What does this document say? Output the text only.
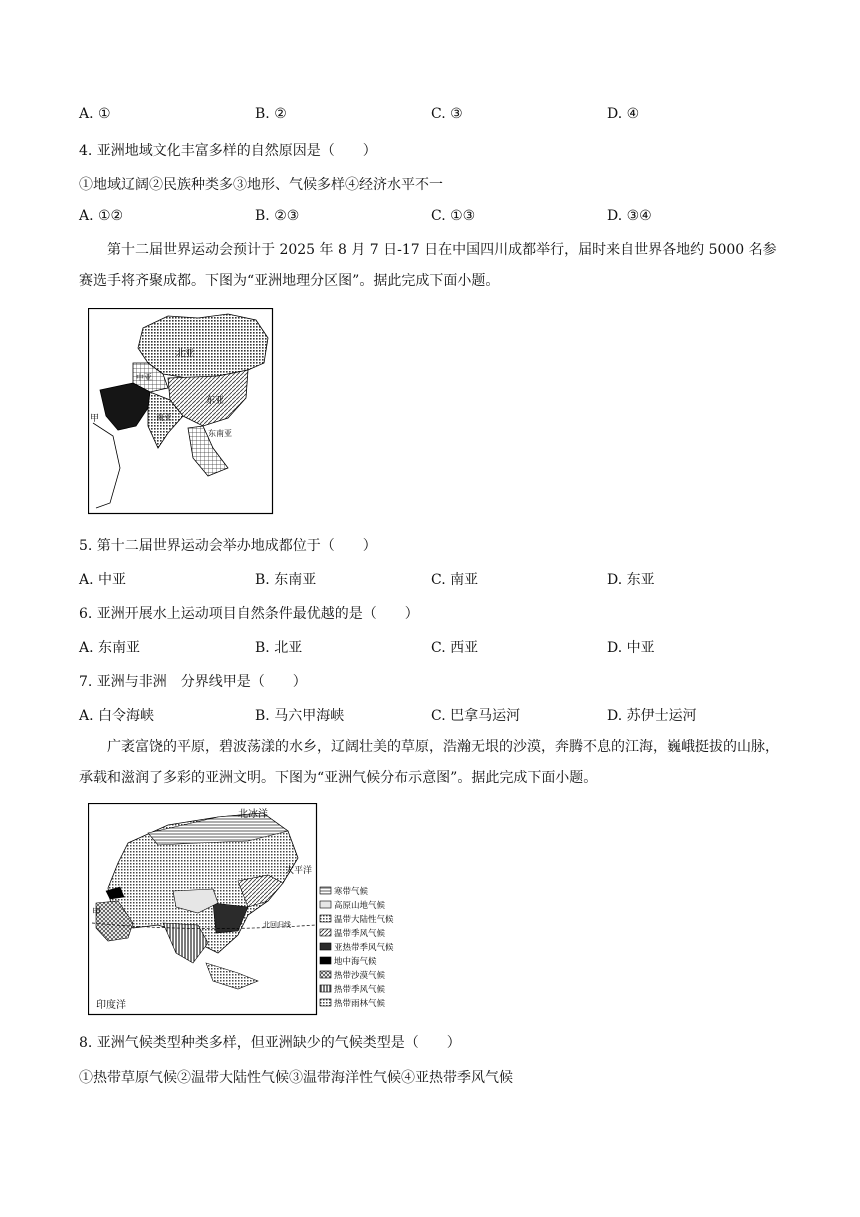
A. ①	B. ②	C. ③	D. ④
4. 亚洲地域文化丰富多样的自然原因是（　　）
①地域辽阔②民族种类多③地形、气候多样④经济水平不一
A. ①②	B. ②③	C. ①③	D. ③④
第十二届世界运动会预计于 2025 年 8 月 7 日-17 日在中国四川成都举行，届时来自世界各地约 5000 名参赛选手将齐聚成都。下图为“亚洲地理分区图”。据此完成下面小题。
北亚
中亚
东亚
甲	南亚
东南亚
5. 第十二届世界运动会举办地成都位于（　　）
A. 中亚	B. 东南亚	C. 南亚	D. 东亚
6. 亚洲开展水上运动项目自然条件最优越的是（　　）
A. 东南亚	B. 北亚	C. 西亚	D. 中亚
7. 亚洲与非洲　分界线甲是（　　）
A. 白令海峡	B. 马六甲海峡	C. 巴拿马运河	D. 苏伊士运河
广袤富饶的平原，碧波荡漾的水乡，辽阔壮美的草原，浩瀚无垠的沙漠，奔腾不息的江海，巍峨挺拔的山脉，承载和滋润了多彩的亚洲文明。下图为“亚洲气候分布示意图”。据此完成下面小题。
北冰洋
太平洋
甲
北回归线
印度洋
寒带气候
高原山地气候
温带大陆性气候
温带季风气候
亚热带季风气候
地中海气候
热带沙漠气候
热带季风气候
热带雨林气候
8. 亚洲气候类型种类多样，但亚洲缺少的气候类型是（　　）
①热带草原气候②温带大陆性气候③温带海洋性气候④亚热带季风气候
